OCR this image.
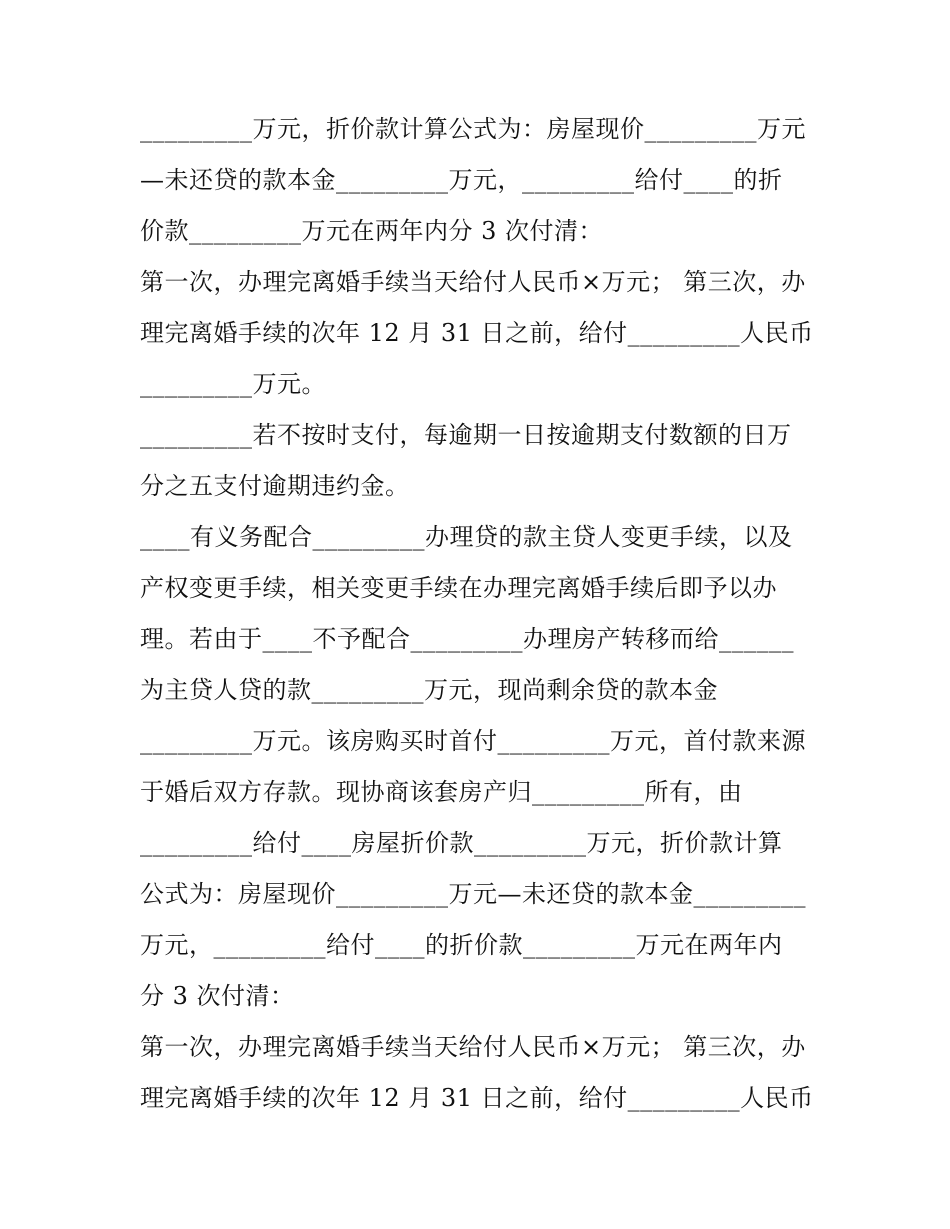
_________万元，折价款计算公式为：房屋现价_________万元
—未还贷的款本金_________万元，_________给付____的折
价款_________万元在两年内分 3 次付清：
第一次，办理完离婚手续当天给付人民币×万元； 第三次，办
理完离婚手续的次年 12 月 31 日之前，给付_________人民币
_________万元。
_________若不按时支付，每逾期一日按逾期支付数额的日万
分之五支付逾期违约金。
____有义务配合_________办理贷的款主贷人变更手续，以及
产权变更手续，相关变更手续在办理完离婚手续后即予以办
理。若由于____不予配合_________办理房产转移而给______
为主贷人贷的款_________万元，现尚剩余贷的款本金
_________万元。该房购买时首付_________万元，首付款来源
于婚后双方存款。现协商该套房产归_________所有，由
_________给付____房屋折价款_________万元，折价款计算
公式为：房屋现价_________万元—未还贷的款本金_________
万元，_________给付____的折价款_________万元在两年内
分 3 次付清：
第一次，办理完离婚手续当天给付人民币×万元； 第三次，办
理完离婚手续的次年 12 月 31 日之前，给付_________人民币
